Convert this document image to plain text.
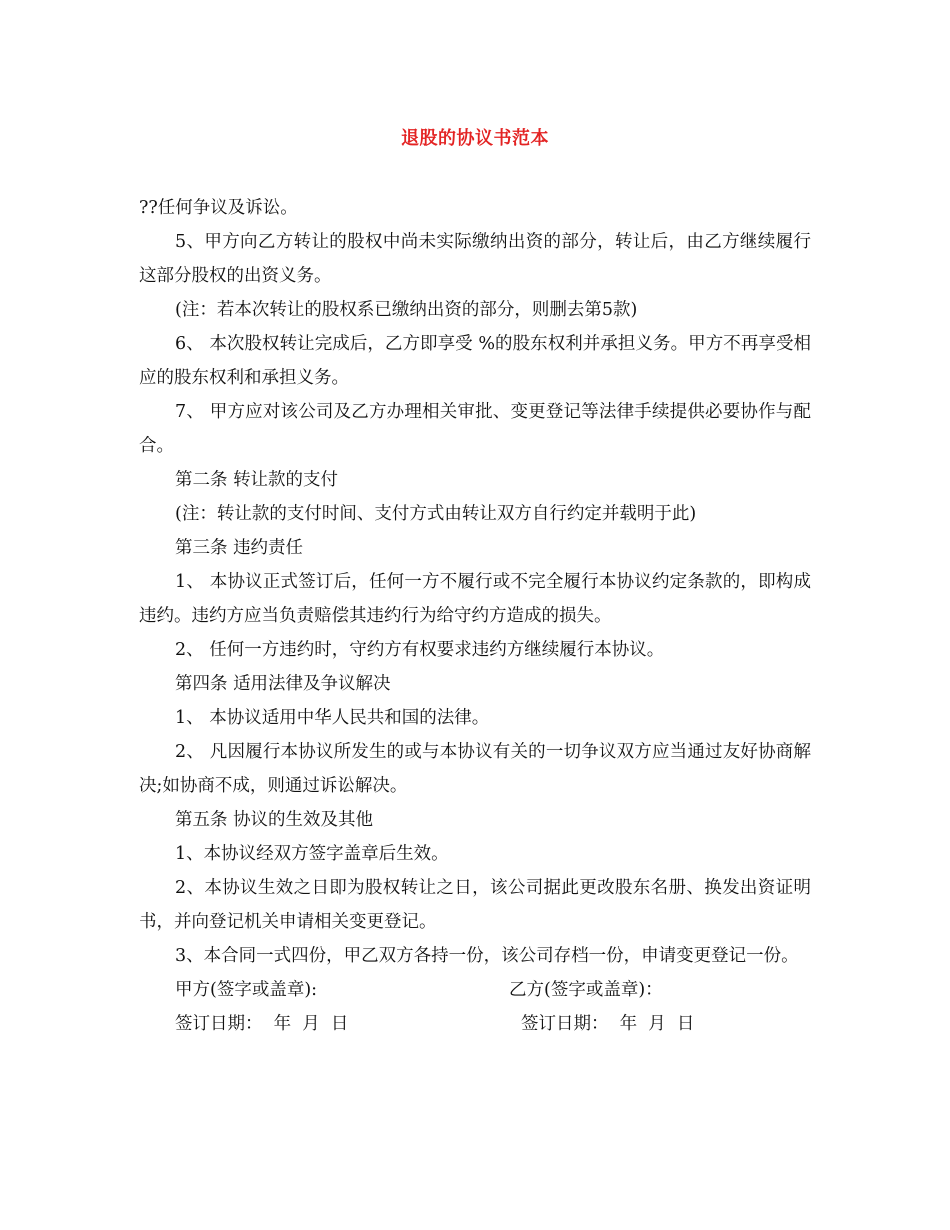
退股的协议书范本

??任何争议及诉讼。

5、甲方向乙方转让的股权中尚未实际缴纳出资的部分，转让后，由乙方继续履行这部分股权的出资义务。

(注：若本次转让的股权系已缴纳出资的部分，则删去第5款)

6、 本次股权转让完成后，乙方即享受 %的股东权利并承担义务。甲方不再享受相应的股东权利和承担义务。

7、 甲方应对该公司及乙方办理相关审批、变更登记等法律手续提供必要协作与配合。

第二条 转让款的支付

(注：转让款的支付时间、支付方式由转让双方自行约定并载明于此)

第三条 违约责任

1、 本协议正式签订后，任何一方不履行或不完全履行本协议约定条款的，即构成违约。违约方应当负责赔偿其违约行为给守约方造成的损失。

2、 任何一方违约时，守约方有权要求违约方继续履行本协议。

第四条 适用法律及争议解决

1、 本协议适用中华人民共和国的法律。

2、 凡因履行本协议所发生的或与本协议有关的一切争议双方应当通过友好协商解决;如协商不成，则通过诉讼解决。

第五条 协议的生效及其他

1、本协议经双方签字盖章后生效。

2、本协议生效之日即为股权转让之日，该公司据此更改股东名册、换发出资证明书，并向登记机关申请相关变更登记。

3、本合同一式四份，甲乙双方各持一份，该公司存档一份，申请变更登记一份。

甲方(签字或盖章):	乙方(签字或盖章)：
签订日期：  年  月  日	签订日期：  年  月  日
